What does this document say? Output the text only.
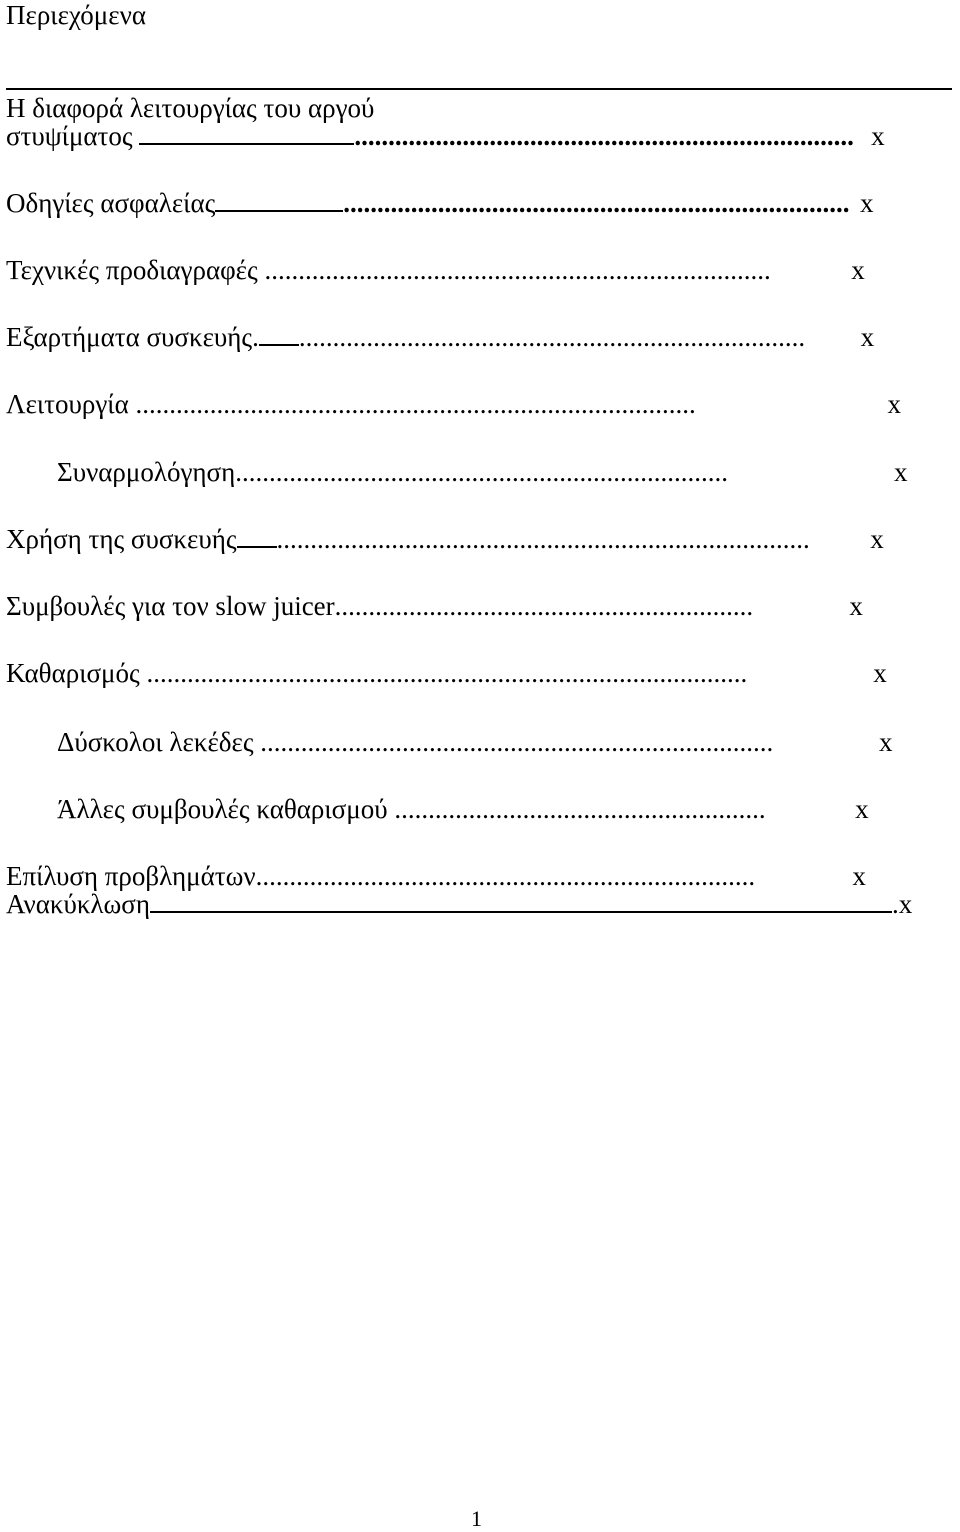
Περιεχόμενα
Η διαφορά λειτουργίας του αργού
στυψίματος	.......................................................................... x
Οδηγίες ασφαλείας	........................................................................... x
Τεχνικές προδιαγραφές ...........................................................................	x
Εξαρτήματα συσκευής. ........................................................................... x
Λειτουργία ...................................................................................	x
Συναρμολόγηση.........................................................................	x
Χρήση της συσκευής ............................................................................... x
Συμβουλές για τον slow juicer..............................................................	x
Καθαρισμός .........................................................................................	x
Δύσκολοι λεκέδες ............................................................................	x
Άλλες συμβουλές καθαρισμού .......................................................	x
Επίλυση προβλημάτων..........................................................................	x
Ανακύκλωση	.x
1
